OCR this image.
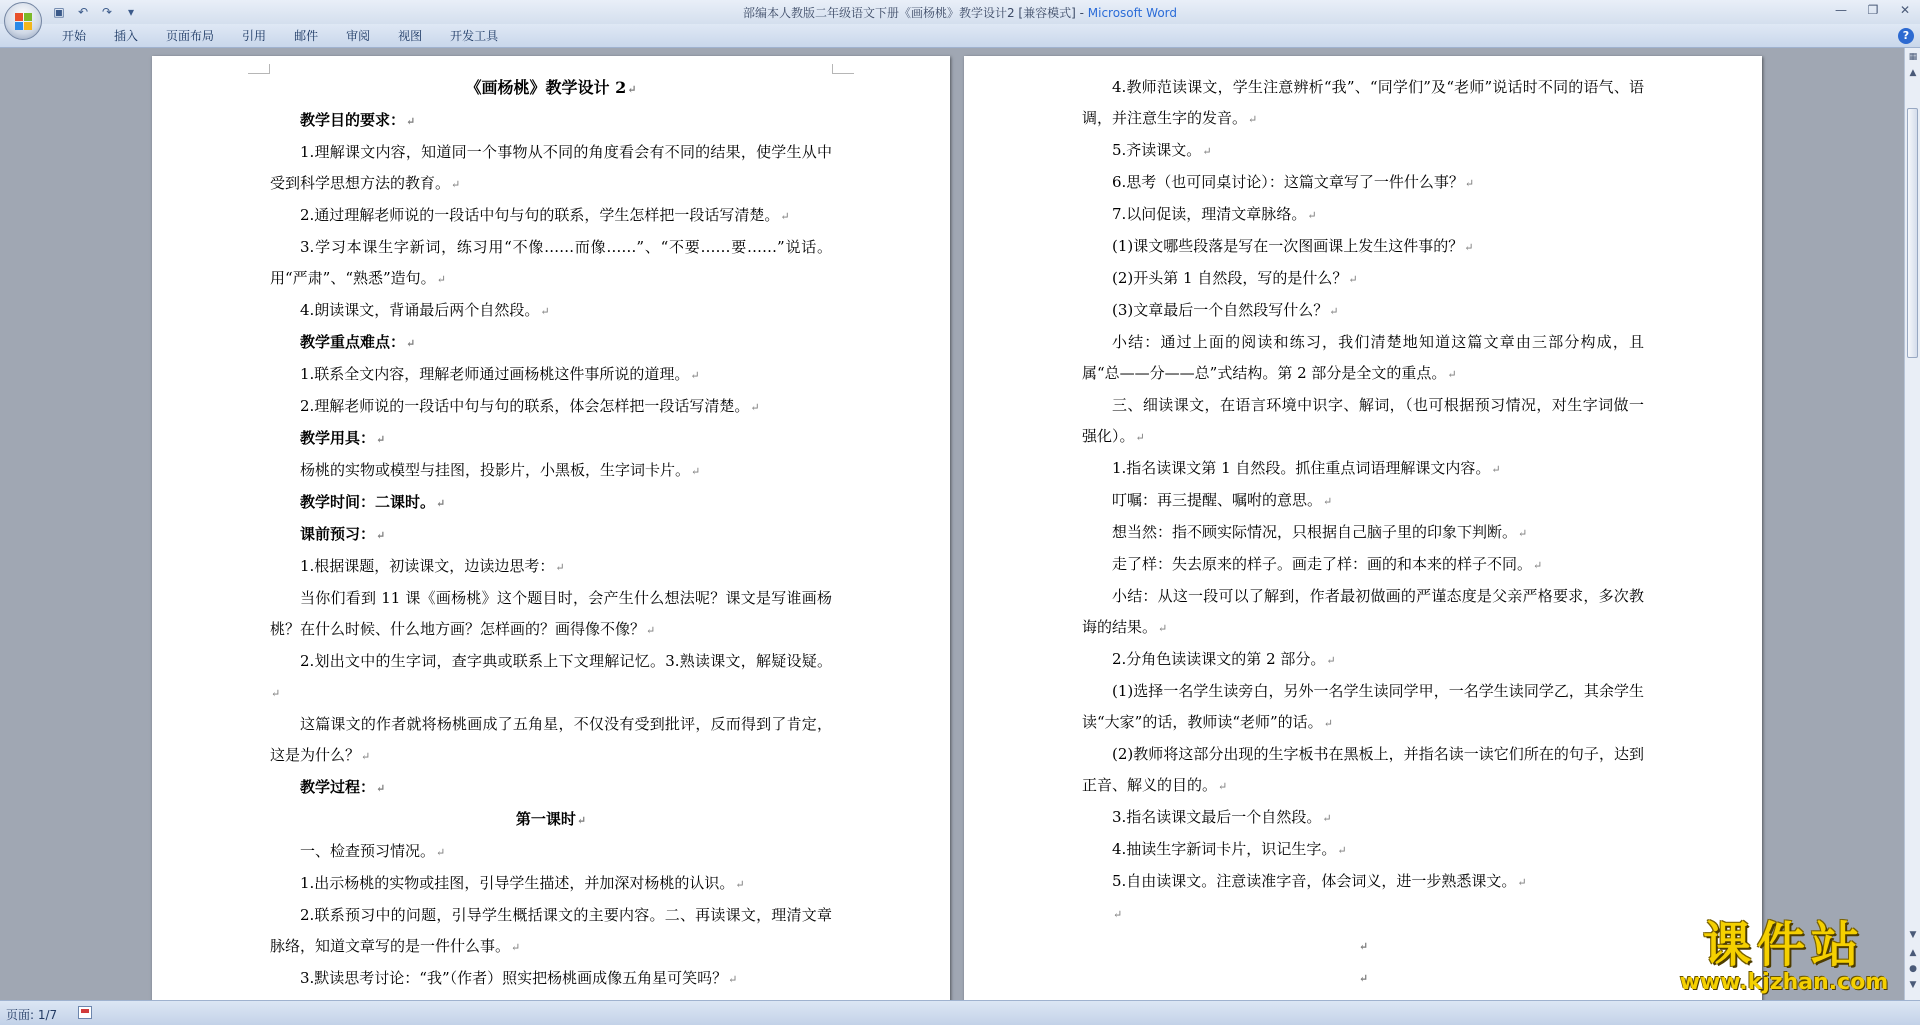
▣	↶	↷	▾	部编本人教版二年级语文下册《画杨桃》教学设计2 [兼容模式] - Microsoft Word	—	❐	✕
开始	插入	页面布局	引用	邮件	审阅	视图	开发工具	?
《画杨桃》教学设计 2↵
教学目的要求：↵
1.理解课文内容，知道同一个事物从不同的角度看会有不同的结果，使学生从中受到科学思想方法的教育。↵
2.通过理解老师说的一段话中句与句的联系，学生怎样把一段话写清楚。↵
3.学习本课生字新词，练习用“不像……而像……”、“不要……要……”说话。用“严肃”、“熟悉”造句。↵
4.朗读课文，背诵最后两个自然段。↵
教学重点难点：↵
1.联系全文内容，理解老师通过画杨桃这件事所说的道理。↵
2.理解老师说的一段话中句与句的联系，体会怎样把一段话写清楚。↵
教学用具：↵
杨桃的实物或模型与挂图，投影片，小黑板，生字词卡片。↵
教学时间：二课时。↵
课前预习：↵
1.根据课题，初读课文，边读边思考：↵
当你们看到 11 课《画杨桃》这个题目时，会产生什么想法呢？课文是写谁画杨桃？在什么时候、什么地方画？怎样画的？画得像不像？↵
2.划出文中的生字词，查字典或联系上下文理解记忆。3.熟读课文，解疑设疑。↵
这篇课文的作者就将杨桃画成了五角星，不仅没有受到批评，反而得到了肯定，这是为什么？↵
教学过程：↵
第一课时↵
一、检查预习情况。↵
1.出示杨桃的实物或挂图，引导学生描述，并加深对杨桃的认识。↵
2.联系预习中的问题，引导学生概括课文的主要内容。二、再读课文，理清文章脉络，知道文章写的是一件什么事。↵
3.默读思考讨论：“我”（作者）照实把杨桃画成像五角星可笑吗？↵
4.教师范读课文，学生注意辨析“我”、“同学们”及“老师”说话时不同的语气、语调，并注意生字的发音。↵
5.齐读课文。↵
6.思考（也可同桌讨论）：这篇文章写了一件什么事？↵
7.以问促读，理清文章脉络。↵
(1)课文哪些段落是写在一次图画课上发生这件事的？↵
(2)开头第 1 自然段，写的是什么？↵
(3)文章最后一个自然段写什么？↵
小结：通过上面的阅读和练习，我们清楚地知道这篇文章由三部分构成，且属“总——分——总”式结构。第 2 部分是全文的重点。↵
三、细读课文，在语言环境中识字、解词，（也可根据预习情况，对生字词做一强化）。↵
1.指名读课文第 1 自然段。抓住重点词语理解课文内容。↵
叮嘱：再三提醒、嘱咐的意思。↵
想当然：指不顾实际情况，只根据自己脑子里的印象下判断。↵
走了样：失去原来的样子。画走了样：画的和本来的样子不同。↵
小结：从这一段可以了解到，作者最初做画的严谨态度是父亲严格要求，多次教诲的结果。↵
2.分角色读读课文的第 2 部分。↵
(1)选择一名学生读旁白，另外一名学生读同学甲，一名学生读同学乙，其余学生读“大家”的话，教师读“老师”的话。↵
(2)教师将这部分出现的生字板书在黑板上，并指名读一读它们所在的句子，达到正音、解义的目的。↵
3.指名读课文最后一个自然段。↵
4.抽读生字新词卡片，识记生字。↵
5.自由读课文。注意读准字音，体会词义，进一步熟悉课文。↵
↵
↵
↵
▦
▲
▼
▲
●
▼
页面: 1/7
课件站
www.kjzhan.com
